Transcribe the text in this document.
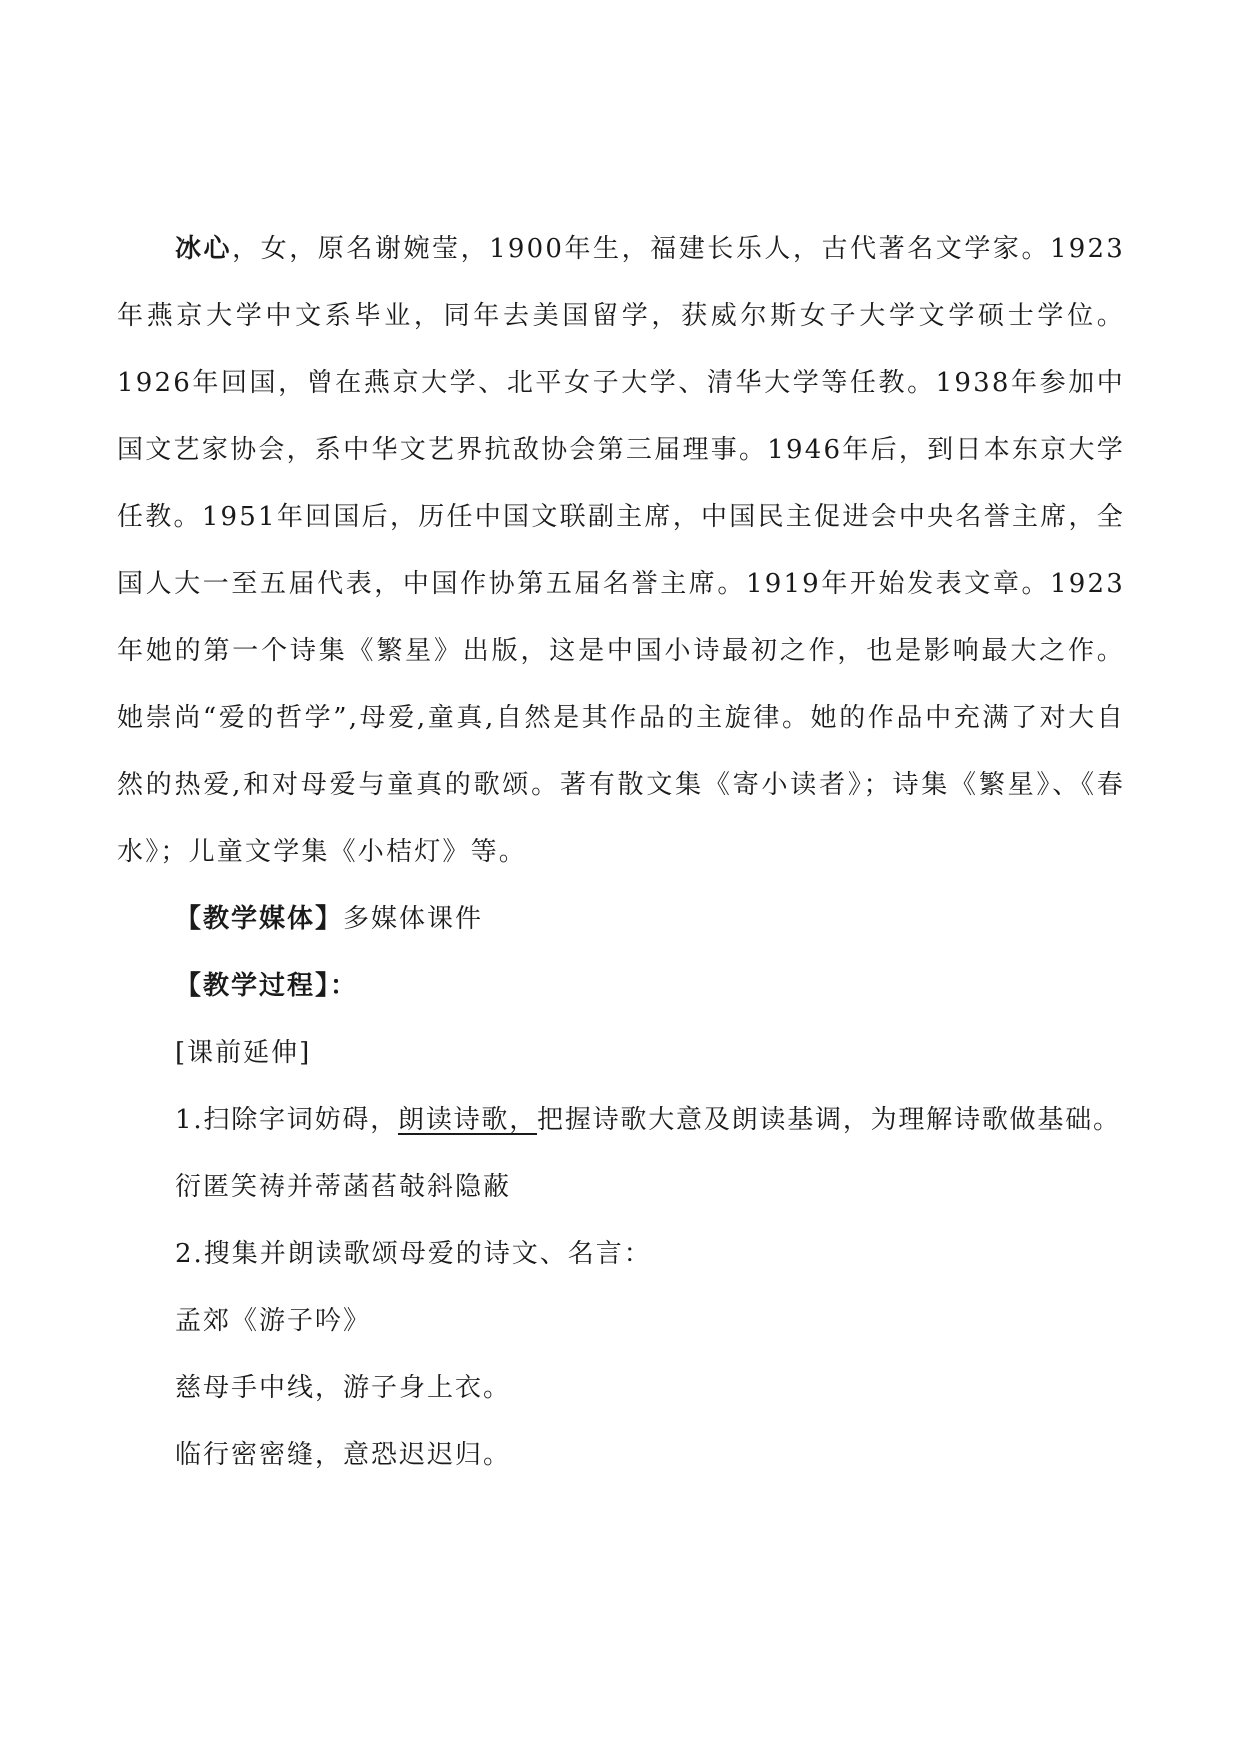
冰心，女，原名谢婉莹，1900年生，福建长乐人，古代著名文学家。1923年燕京大学中文系毕业，同年去美国留学，获威尔斯女子大学文学硕士学位。1926年回国，曾在燕京大学、北平女子大学、清华大学等任教。1938年参加中国文艺家协会，系中华文艺界抗敌协会第三届理事。1946年后，到日本东京大学任教。1951年回国后，历任中国文联副主席，中国民主促进会中央名誉主席，全国人大一至五届代表，中国作协第五届名誉主席。1919年开始发表文章。1923年她的第一个诗集《繁星》出版，这是中国小诗最初之作，也是影响最大之作。她崇尚“爱的哲学”,母爱,童真,自然是其作品的主旋律。她的作品中充满了对大自然的热爱,和对母爱与童真的歌颂。著有散文集《寄小读者》；诗集《繁星》、《春水》；儿童文学集《小桔灯》等。

【教学媒体】多媒体课件

【教学过程】：

[课前延伸]

1.扫除字词妨碍，朗读诗歌，把握诗歌大意及朗读基调，为理解诗歌做基础。

衍匿笑祷并蒂菡萏攲斜隐蔽

2.搜集并朗读歌颂母爱的诗文、名言：

孟郊《游子吟》

慈母手中线，游子身上衣。

临行密密缝，意恐迟迟归。
